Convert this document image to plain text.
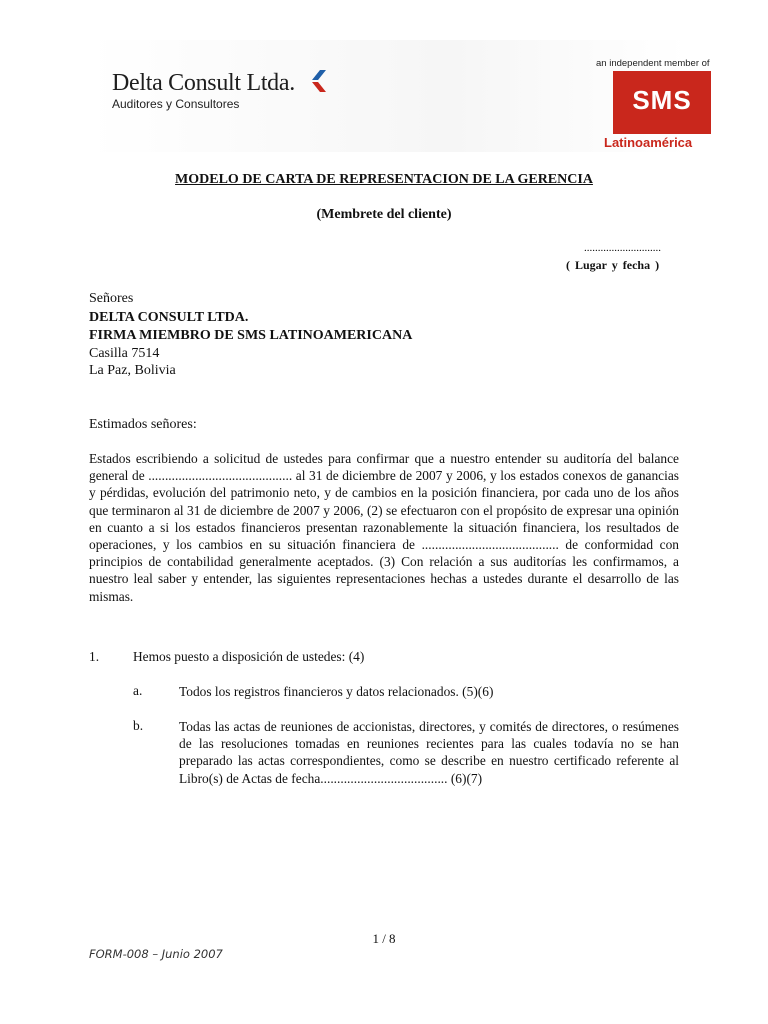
Delta Consult Ltda.
Auditores y Consultores
an independent member of
SMS
Latinoamérica
MODELO DE CARTA DE REPRESENTACION DE LA GERENCIA
(Membrete del cliente)
............................
( Lugar y fecha )
Señores
DELTA CONSULT LTDA.
FIRMA MIEMBRO DE SMS LATINOAMERICANA
Casilla 7514
La Paz, Bolivia
Estimados señores:
Estados escribiendo a solicitud de ustedes para confirmar que a nuestro entender su auditoría del balance general de ........................................... al 31 de diciembre de 2007 y 2006, y los estados conexos de ganancias y pérdidas, evolución del patrimonio neto, y de cambios en la posición financiera, por cada uno de los años que terminaron al 31 de diciembre de 2007 y 2006, (2) se efectuaron con el propósito de expresar una opinión en cuanto a si los estados financieros presentan razonablemente la situación financiera, los resultados de operaciones, y los cambios en su situación financiera de ......................................... de conformidad con principios de contabilidad generalmente aceptados. (3) Con relación a sus auditorías les confirmamos, a nuestro leal saber y entender, las siguientes representaciones hechas a ustedes durante el desarrollo de las mismas.
1.	Hemos puesto a disposición de ustedes: (4)
a.	Todos los registros financieros y datos relacionados. (5)(6)
b.	Todas las actas de reuniones de accionistas, directores, y comités de directores, o resúmenes de las resoluciones tomadas en reuniones recientes para las cuales todavía no se han preparado las actas correspondientes, como se describe en nuestro certificado referente al Libro(s) de Actas de fecha...................................... (6)(7)
1 / 8
FORM-008 – Junio 2007
